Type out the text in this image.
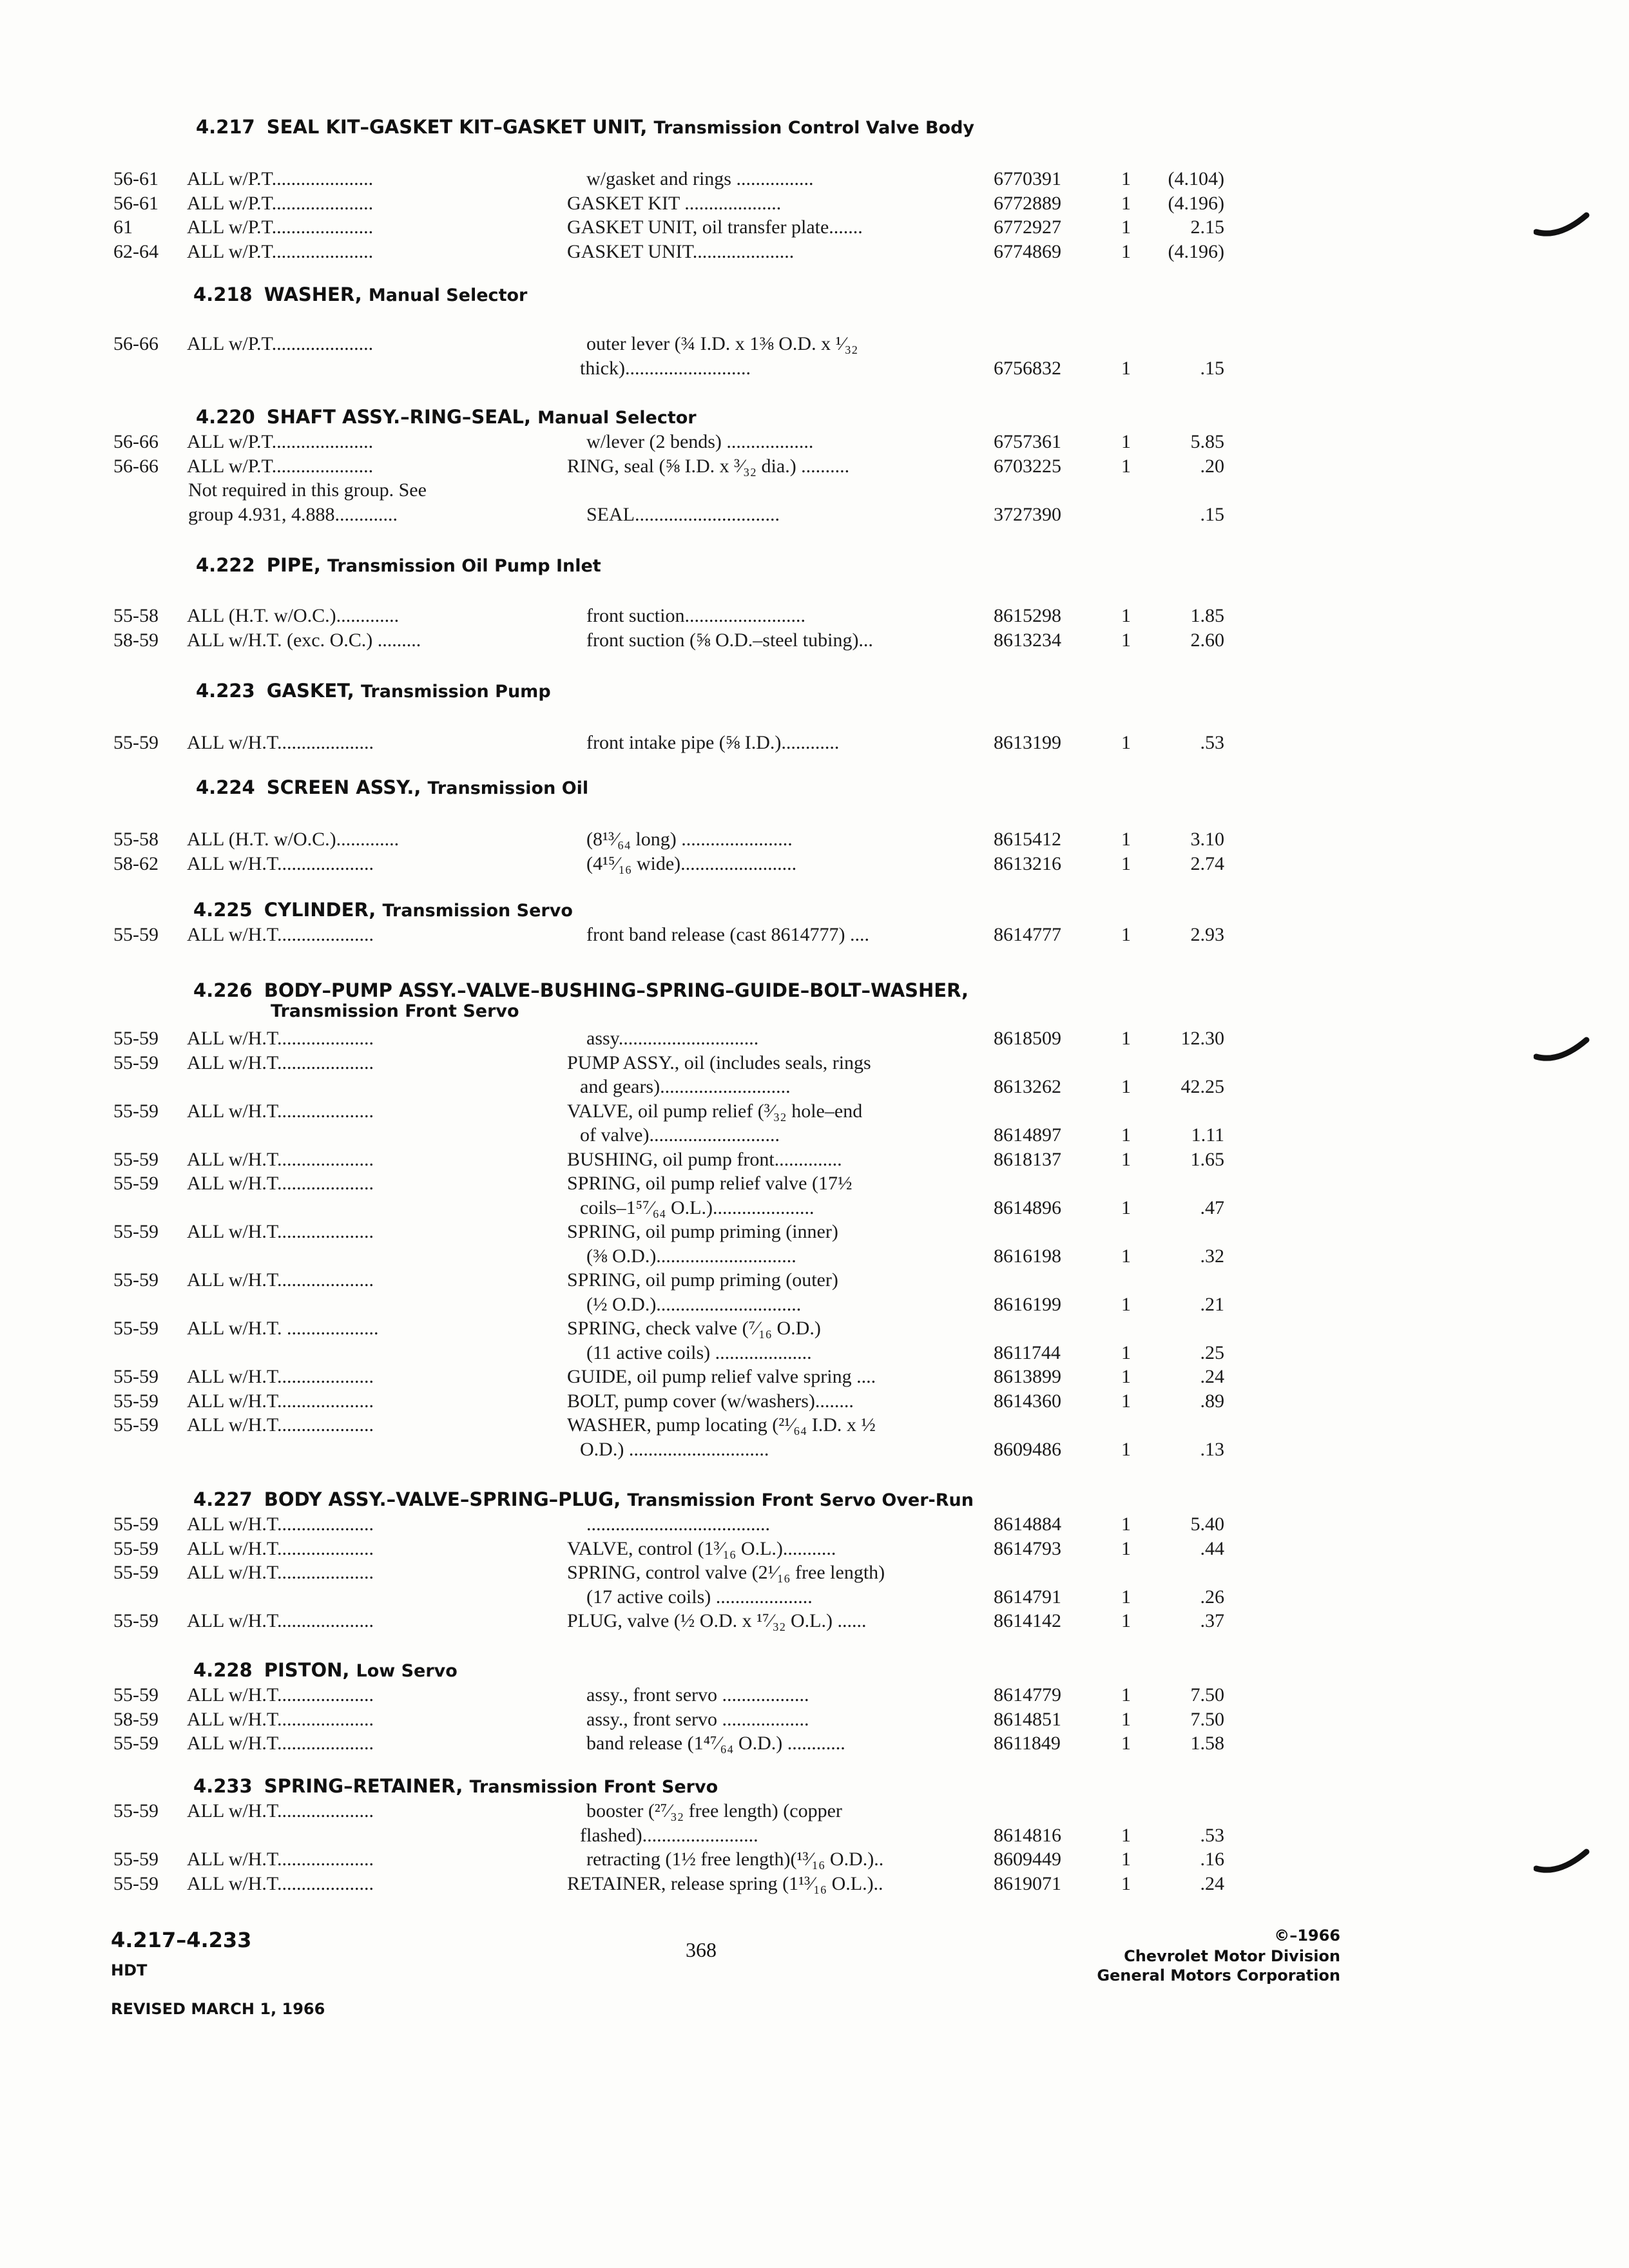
4.217 SEAL KIT–GASKET KIT–GASKET UNIT, Transmission Control Valve Body
56-61 ALL w/P.T.....................	w/gasket and rings ................	6770391	1 (4.104)
56-61 ALL w/P.T.....................	GASKET KIT ....................	6772889	1 (4.196)
61	ALL w/P.T.....................	GASKET UNIT, oil transfer plate.......	6772927	1	2.15
62-64 ALL w/P.T.....................	GASKET UNIT.....................	6774869	1 (4.196)
4.218 WASHER, Manual Selector
56-66 ALL w/P.T.....................	outer lever (¾ I.D. x 1⅜ O.D. x ¹⁄₃₂
thick)..........................	6756832	1	.15
4.220 SHAFT ASSY.–RING–SEAL, Manual Selector
56-66 ALL w/P.T.....................	w/lever (2 bends) ..................	6757361	1	5.85
56-66 ALL w/P.T.....................	RING, seal (⅝ I.D. x ³⁄₃₂ dia.) ..........	6703225	1	.20
Not required in this group. See
group 4.931, 4.888.............	SEAL..............................	3727390	.15
4.222 PIPE, Transmission Oil Pump Inlet
55-58 ALL (H.T. w/O.C.).............	front suction.........................	8615298	1	1.85
58-59 ALL w/H.T. (exc. O.C.) .........	front suction (⅝ O.D.–steel tubing)...	8613234	1	2.60
4.223 GASKET, Transmission Pump
55-59 ALL w/H.T....................	front intake pipe (⅝ I.D.)............	8613199	1	.53
4.224 SCREEN ASSY., Transmission Oil
55-58 ALL (H.T. w/O.C.).............	(8¹³⁄₆₄ long) .......................	8615412	1	3.10
58-62 ALL w/H.T....................	(4¹⁵⁄₁₆ wide)........................	8613216	1	2.74
4.225 CYLINDER, Transmission Servo
55-59 ALL w/H.T....................	front band release (cast 8614777) ....	8614777	1	2.93
4.226 BODY–PUMP ASSY.–VALVE–BUSHING–SPRING–GUIDE–BOLT–WASHER,
Transmission Front Servo
55-59 ALL w/H.T....................	assy.............................	8618509	1	12.30
55-59 ALL w/H.T....................	PUMP ASSY., oil (includes seals, rings
and gears)...........................	8613262	1	42.25
55-59 ALL w/H.T....................	VALVE, oil pump relief (³⁄₃₂ hole–end
of valve)...........................	8614897	1	1.11
55-59 ALL w/H.T....................	BUSHING, oil pump front..............	8618137	1	1.65
55-59 ALL w/H.T....................	SPRING, oil pump relief valve (17½
coils–1⁵⁷⁄₆₄ O.L.).....................	8614896	1	.47
55-59 ALL w/H.T....................	SPRING, oil pump priming (inner)
(⅜ O.D.).............................	8616198	1	.32
55-59 ALL w/H.T....................	SPRING, oil pump priming (outer)
(½ O.D.)..............................	8616199	1	.21
55-59 ALL w/H.T. ...................	SPRING, check valve (⁷⁄₁₆ O.D.)
(11 active coils) ....................	8611744	1	.25
55-59 ALL w/H.T....................	GUIDE, oil pump relief valve spring ....	8613899	1	.24
55-59 ALL w/H.T....................	BOLT, pump cover (w/washers)........	8614360	1	.89
55-59 ALL w/H.T....................	WASHER, pump locating (²¹⁄₆₄ I.D. x ½
O.D.) .............................	8609486	1	.13
4.227 BODY ASSY.–VALVE–SPRING–PLUG, Transmission Front Servo Over-Run
55-59 ALL w/H.T....................	......................................	8614884	1	5.40
55-59 ALL w/H.T....................	VALVE, control (1³⁄₁₆ O.L.)...........	8614793	1	.44
55-59 ALL w/H.T....................	SPRING, control valve (2¹⁄₁₆ free length)
(17 active coils) ....................	8614791	1	.26
55-59 ALL w/H.T....................	PLUG, valve (½ O.D. x ¹⁷⁄₃₂ O.L.) ......	8614142	1	.37
4.228 PISTON, Low Servo
55-59 ALL w/H.T....................	assy., front servo ..................	8614779	1	7.50
58-59 ALL w/H.T....................	assy., front servo ..................	8614851	1	7.50
55-59 ALL w/H.T....................	band release (1⁴⁷⁄₆₄ O.D.) ............	8611849	1	1.58
4.233 SPRING–RETAINER, Transmission Front Servo
55-59 ALL w/H.T....................	booster (²⁷⁄₃₂ free length) (copper
flashed)........................	8614816	1	.53
55-59 ALL w/H.T....................	retracting (1½ free length)(¹³⁄₁₆ O.D.)..	8609449	1	.16
55-59 ALL w/H.T....................	RETAINER, release spring (1¹³⁄₁₆ O.L.)..	8619071	1	.24
4.217–4.233
HDT
REVISED MARCH 1, 1966
368
©–1966
Chevrolet Motor Division
General Motors Corporation
